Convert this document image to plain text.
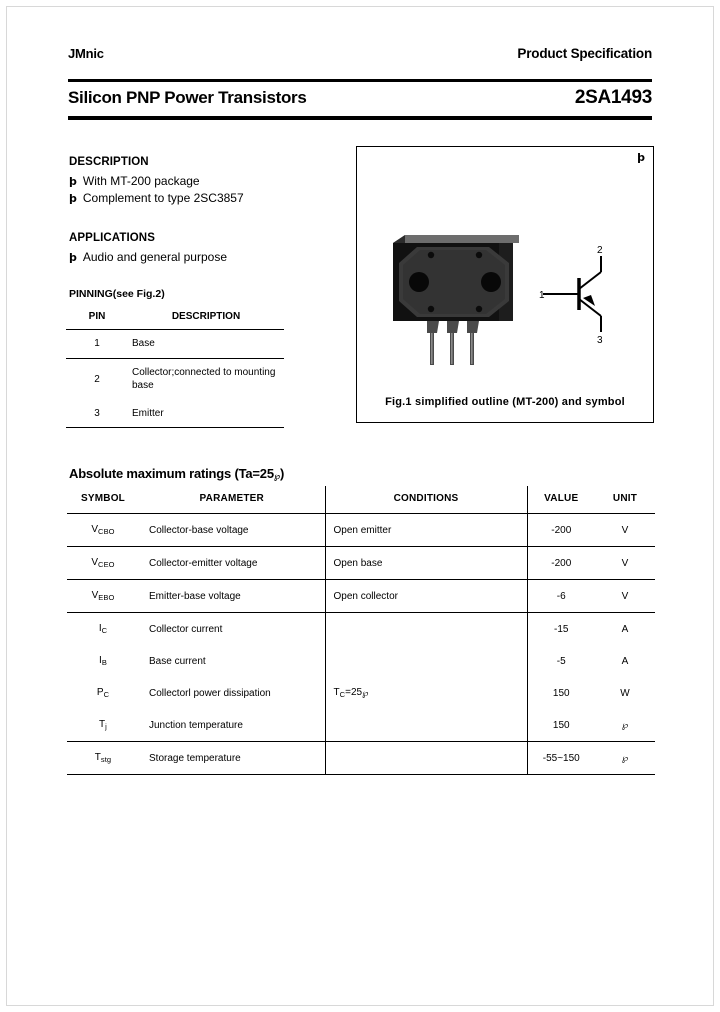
JMnic	Product Specification
Silicon PNP Power Transistors	2SA1493
DESCRIPTION
þ With MT-200 package
þ Complement to type 2SC3857
APPLICATIONS
þ Audio and general purpose
PINNING(see Fig.2)
PIN	DESCRIPTION
1	Base
2	Collector;connected to mounting base
3	Emitter
þ
1
2
3
Fig.1 simplified outline (MT-200) and symbol
Absolute maximum ratings (Ta=25℘)
SYMBOL	PARAMETER	CONDITIONS	VALUE	UNIT
$V_{CBO}$	Collector-base voltage	Open emitter	-200	V
$V_{CEO}$	Collector-emitter voltage	Open base	-200	V
$V_{EBO}$	Emitter-base voltage	Open collector	-6	V
$I_C$	Collector current		-15	A
$I_B$	Base current		-5	A
$P_C$	Collectorl power dissipation	$T_C=25℘$	150	W
$T_j$	Junction temperature		150	℘
$T_{stg}$	Storage temperature		-55~150	℘
